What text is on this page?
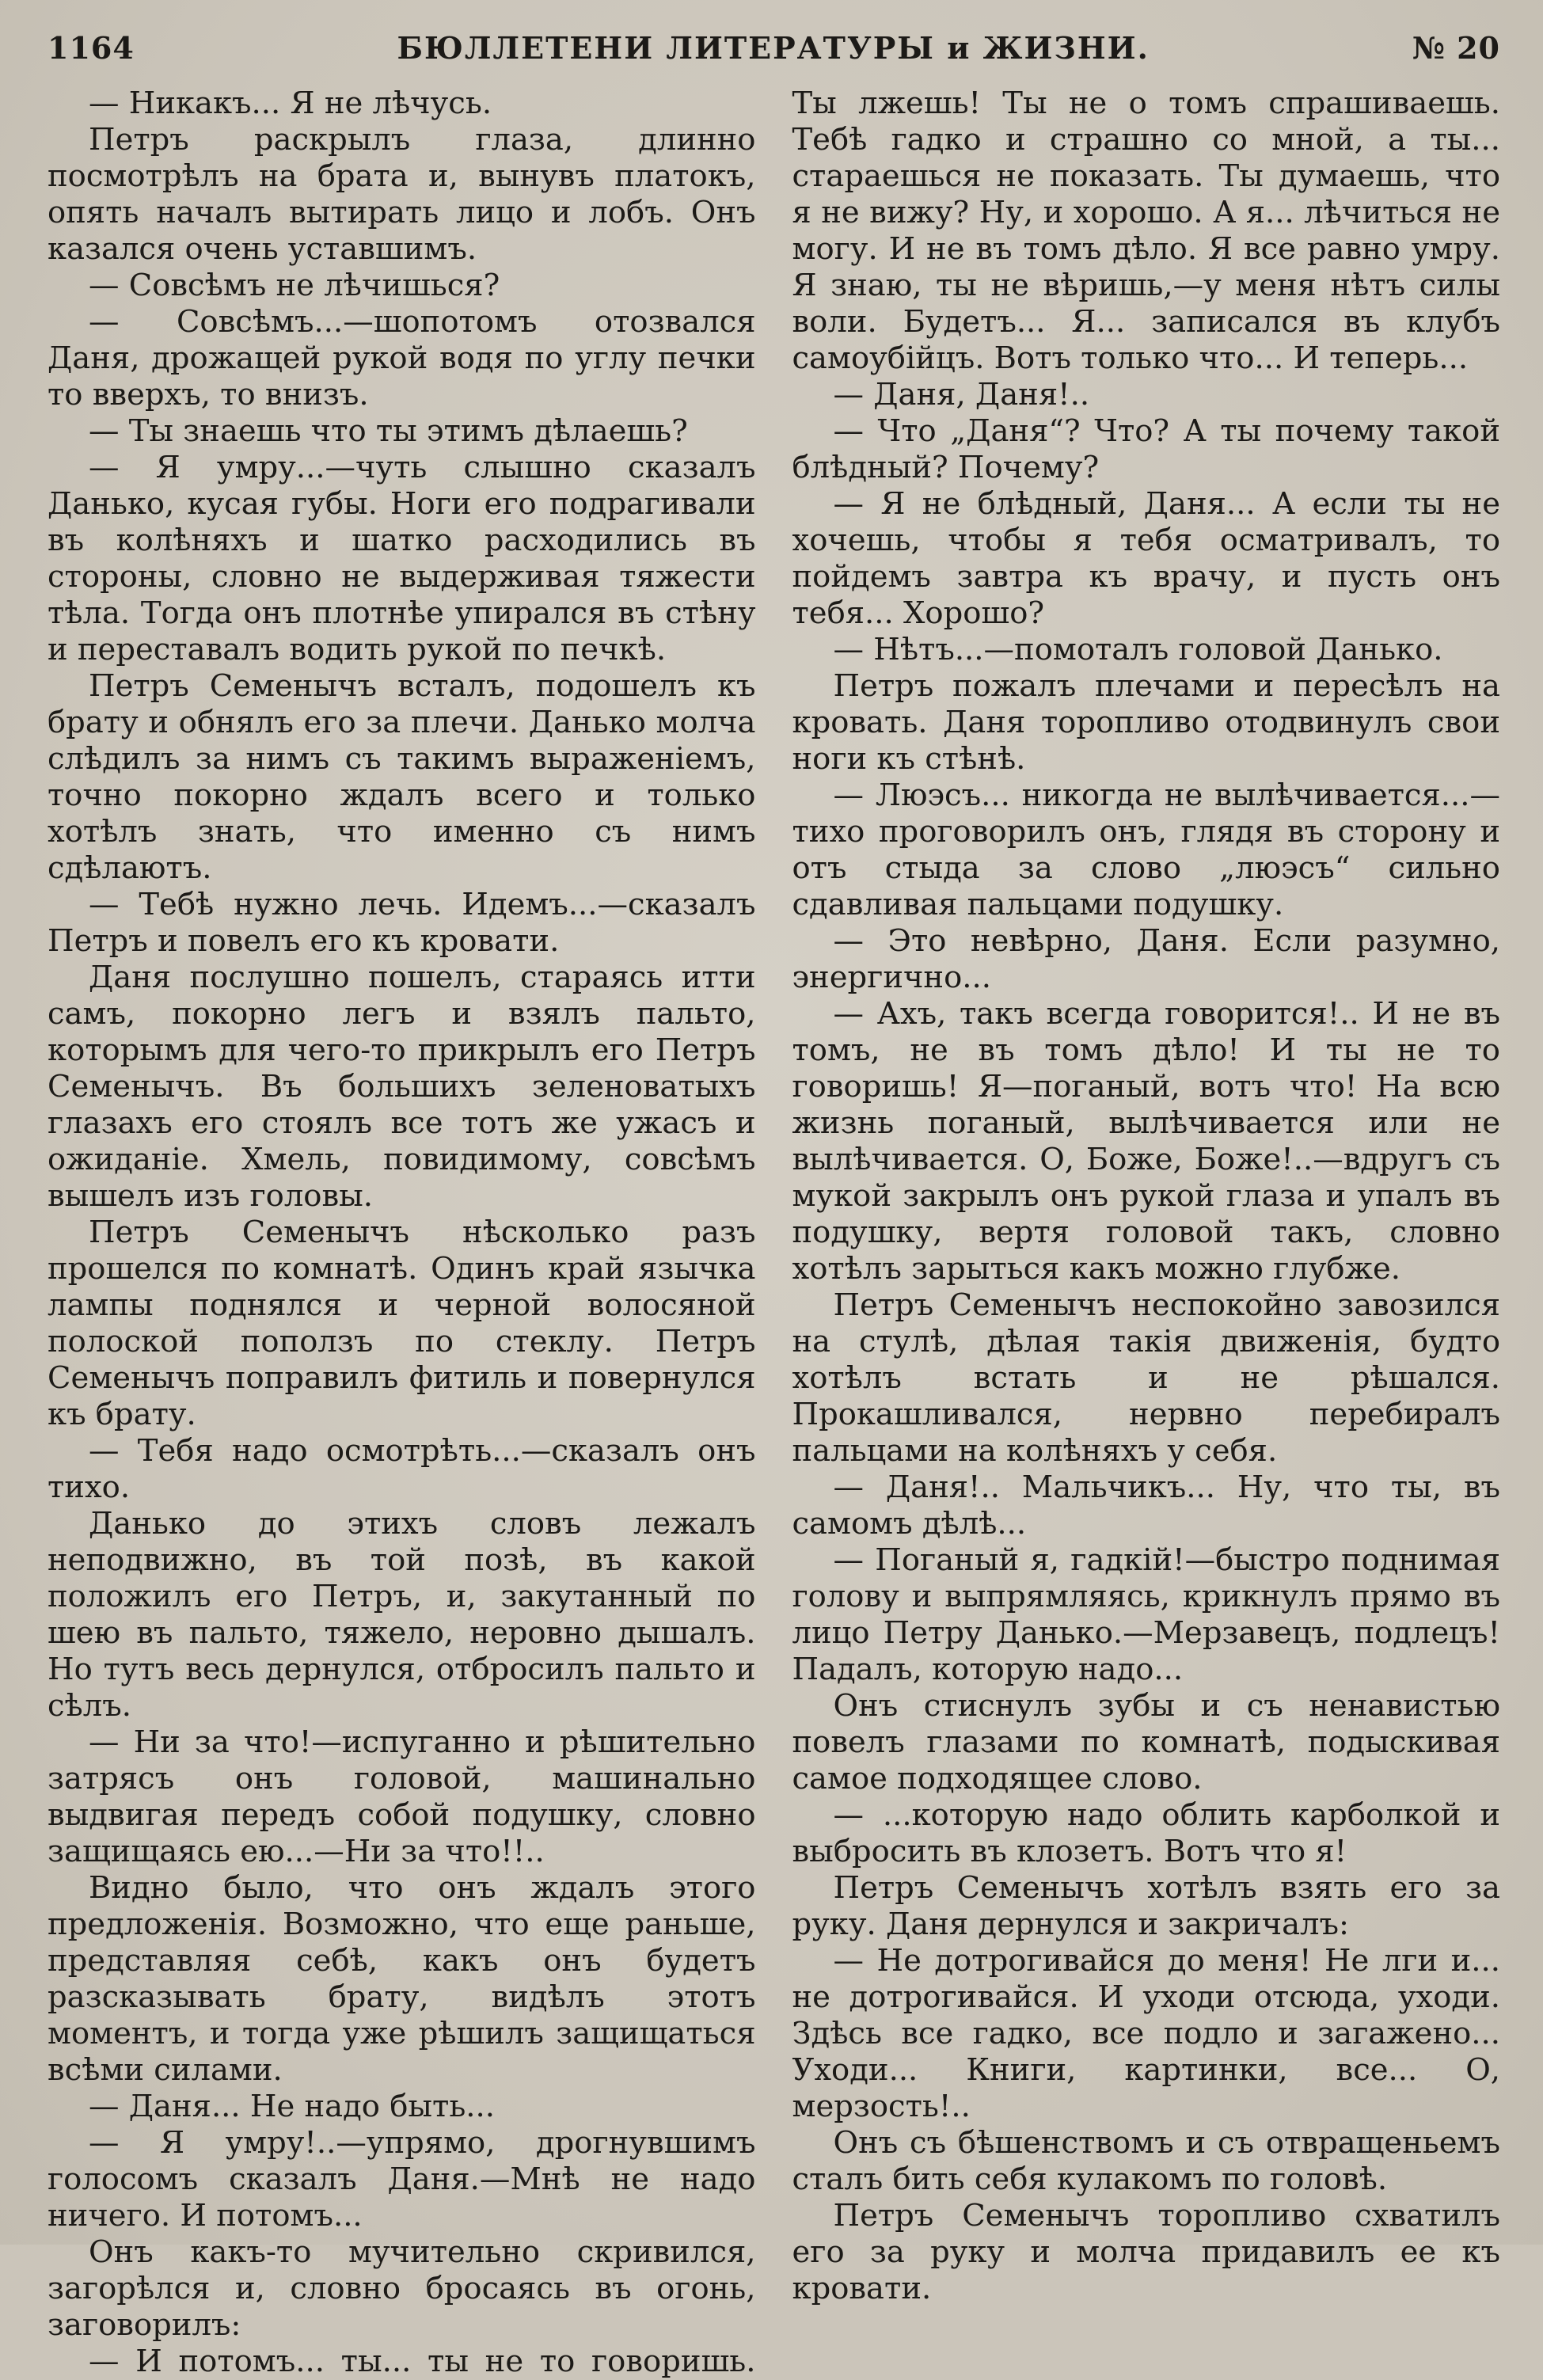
1164	БЮЛЛЕТЕНИ ЛИТЕРАТУРЫ и ЖИЗНИ.	№ 20

— Никакъ... Я не лѣчусь.

Петръ раскрылъ глаза, длинно посмотрѣлъ на брата и, вынувъ платокъ, опять началъ вытирать лицо и лобъ. Онъ казался очень уставшимъ.

— Совсѣмъ не лѣчишься?

— Совсѣмъ...—шопотомъ отозвался Даня, дрожащей рукой водя по углу печки то вверхъ, то внизъ.

— Ты знаешь что ты этимъ дѣлаешь?

— Я умру...—чуть слышно сказалъ Данько, кусая губы. Ноги его подрагивали въ колѣняхъ и шатко расходились въ стороны, словно не выдерживая тяжести тѣла. Тогда онъ плотнѣе упирался въ стѣну и переставалъ водить рукой по печкѣ.

Петръ Семенычъ всталъ, подошелъ къ брату и обнялъ его за плечи. Данько молча слѣдилъ за нимъ съ такимъ выраженіемъ, точно покорно ждалъ всего и только хотѣлъ знать, что именно съ нимъ сдѣлаютъ.

— Тебѣ нужно лечь. Идемъ...—сказалъ Петръ и повелъ его къ кровати.

Даня послушно пошелъ, стараясь итти самъ, покорно легъ и взялъ пальто, которымъ для чего-то прикрылъ его Петръ Семенычъ. Въ большихъ зеленоватыхъ глазахъ его стоялъ все тотъ же ужасъ и ожиданіе. Хмель, повидимому, совсѣмъ вышелъ изъ головы.

Петръ Семенычъ нѣсколько разъ прошелся по комнатѣ. Одинъ край язычка лампы поднялся и черной волосяной полоской поползъ по стеклу. Петръ Семенычъ поправилъ фитиль и повернулся къ брату.

— Тебя надо осмотрѣть...—сказалъ онъ тихо.

Данько до этихъ словъ лежалъ неподвижно, въ той позѣ, въ какой положилъ его Петръ, и, закутанный по шею въ пальто, тяжело, неровно дышалъ. Но тутъ весь дернулся, отбросилъ пальто и сѣлъ.

— Ни за что!—испуганно и рѣшительно затрясъ онъ головой, машинально выдвигая передъ собой подушку, словно защищаясь ею...—Ни за что!!..

Видно было, что онъ ждалъ этого предложенія. Возможно, что еще раньше, представляя себѣ, какъ онъ будетъ разсказывать брату, видѣлъ этотъ моментъ, и тогда уже рѣшилъ защищаться всѣми силами.

— Даня... Не надо быть...

— Я умру!..—упрямо, дрогнувшимъ голосомъ сказалъ Даня.—Мнѣ не надо ничего. И потомъ...

Онъ какъ-то мучительно скривился, загорѣлся и, словно бросаясь въ огонь, заговорилъ:

— И потомъ... ты... ты не то говоришь.

Ты лжешь! Ты не о томъ спрашиваешь. Тебѣ гадко и страшно со мной, а ты... стараешься не показать. Ты думаешь, что я не вижу? Ну, и хорошо. А я... лѣчиться не могу. И не въ томъ дѣло. Я все равно умру. Я знаю, ты не вѣришь,—у меня нѣтъ силы воли. Будетъ... Я... записался въ клубъ самоубійцъ. Вотъ только что... И теперь...

— Даня, Даня!..

— Что „Даня“? Что? А ты почему такой блѣдный? Почему?

— Я не блѣдный, Даня... А если ты не хочешь, чтобы я тебя осматривалъ, то пойдемъ завтра къ врачу, и пусть онъ тебя... Хорошо?

— Нѣтъ...—помоталъ головой Данько.

Петръ пожалъ плечами и пересѣлъ на кровать. Даня торопливо отодвинулъ свои ноги къ стѣнѣ.

— Люэсъ... никогда не вылѣчивается...—тихо проговорилъ онъ, глядя въ сторону и отъ стыда за слово „люэсъ“ сильно сдавливая пальцами подушку.

— Это невѣрно, Даня. Если разумно, энергично...

— Ахъ, такъ всегда говорится!.. И не въ томъ, не въ томъ дѣло! И ты не то говоришь! Я—поганый, вотъ что! На всю жизнь поганый, вылѣчивается или не вылѣчивается. О, Боже, Боже!..—вдругъ съ мукой закрылъ онъ рукой глаза и упалъ въ подушку, вертя головой такъ, словно хотѣлъ зарыться какъ можно глубже.

Петръ Семенычъ неспокойно завозился на стулѣ, дѣлая такія движенія, будто хотѣлъ встать и не рѣшался. Прокашливался, нервно перебиралъ пальцами на колѣняхъ у себя.

— Даня!.. Мальчикъ... Ну, что ты, въ самомъ дѣлѣ...

— Поганый я, гадкій!—быстро поднимая голову и выпрямляясь, крикнулъ прямо въ лицо Петру Данько.—Мерзавецъ, подлецъ! Падалъ, которую надо...

Онъ стиснулъ зубы и съ ненавистью повелъ глазами по комнатѣ, подыскивая самое подходящее слово.

— ...которую надо облить карболкой и выбросить въ клозетъ. Вотъ что я!

Петръ Семенычъ хотѣлъ взять его за руку. Даня дернулся и закричалъ:

— Не дотрогивайся до меня! Не лги и... не дотрогивайся. И уходи отсюда, уходи. Здѣсь все гадко, все подло и загажено... Уходи... Книги, картинки, все... О, мерзость!..

Онъ съ бѣшенствомъ и съ отвращеньемъ сталъ бить себя кулакомъ по головѣ.

Петръ Семенычъ торопливо схватилъ его за руку и молча придавилъ ее къ кровати.
